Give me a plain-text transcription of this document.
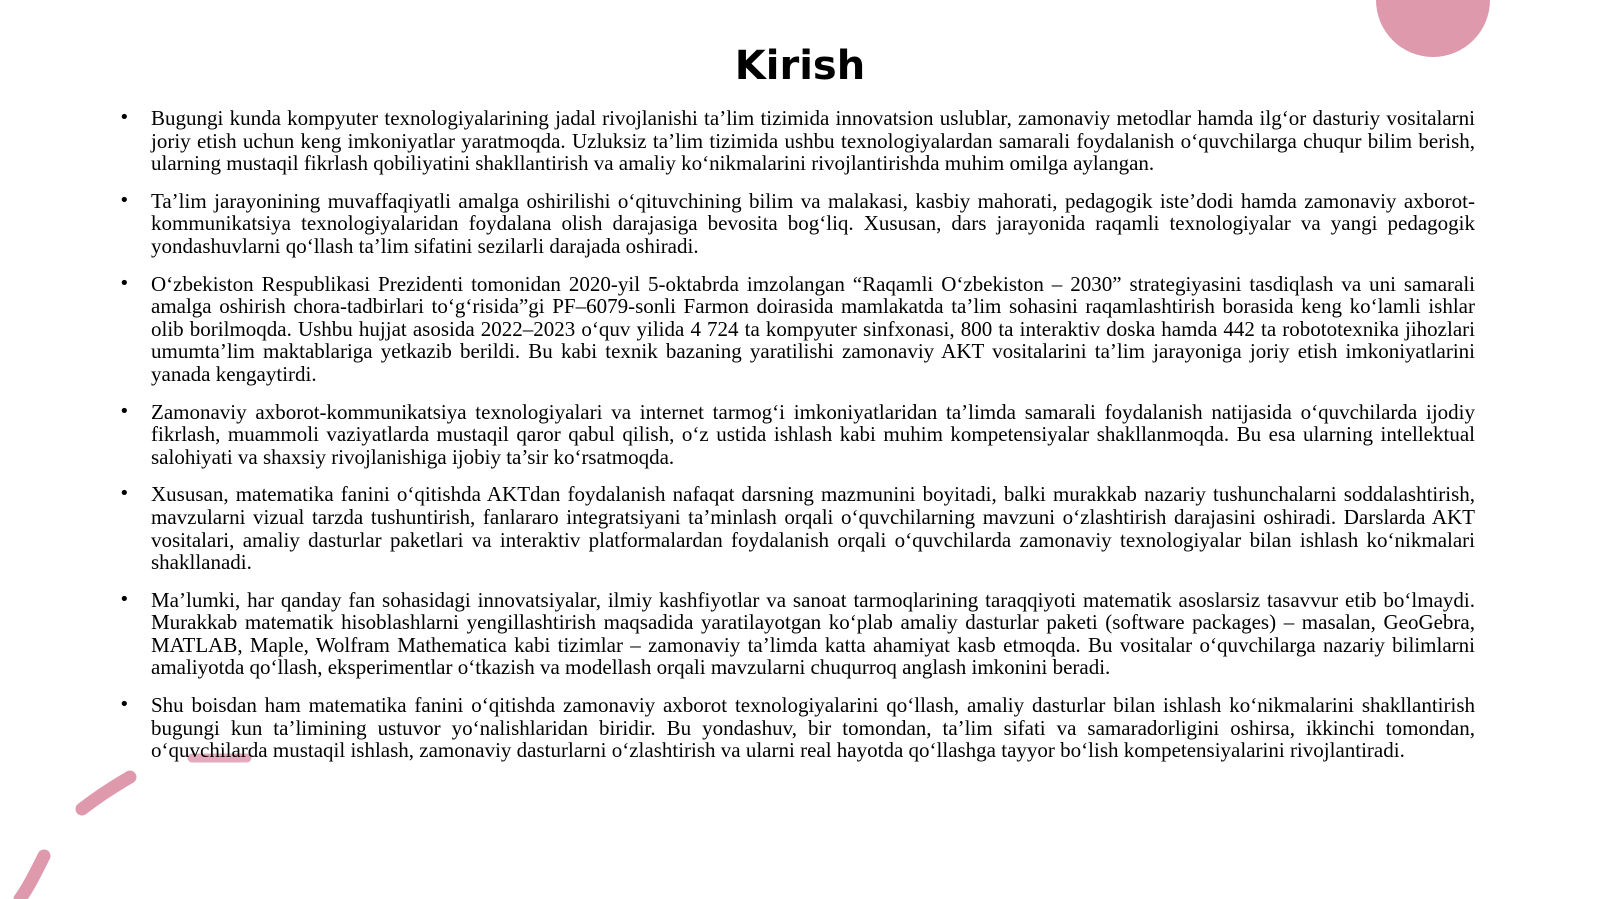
Kirish
• Bugungi kunda kompyuter texnologiyalarining jadal rivojlanishi ta’lim tizimida innovatsion uslublar, zamonaviy metodlar hamda ilg‘or dasturiy vositalarni joriy etish uchun keng imkoniyatlar yaratmoqda. Uzluksiz ta’lim tizimida ushbu texnologiyalardan samarali foydalanish o‘quvchilarga chuqur bilim berish, ularning mustaqil fikrlash qobiliyatini shakllantirish va amaliy ko‘nikmalarini rivojlantirishda muhim omilga aylangan.
• Ta’lim jarayonining muvaffaqiyatli amalga oshirilishi o‘qituvchining bilim va malakasi, kasbiy mahorati, pedagogik iste’dodi hamda zamonaviy axborot-kommunikatsiya texnologiyalaridan foydalana olish darajasiga bevosita bog‘liq. Xususan, dars jarayonida raqamli texnologiyalar va yangi pedagogik yondashuvlarni qo‘llash ta’lim sifatini sezilarli darajada oshiradi.
• O‘zbekiston Respublikasi Prezidenti tomonidan 2020-yil 5-oktabrda imzolangan “Raqamli O‘zbekiston – 2030” strategiyasini tasdiqlash va uni samarali amalga oshirish chora-tadbirlari to‘g‘risida”gi PF–6079-sonli Farmon doirasida mamlakatda ta’lim sohasini raqamlashtirish borasida keng ko‘lamli ishlar olib borilmoqda. Ushbu hujjat asosida 2022–2023 o‘quv yilida 4 724 ta kompyuter sinfxonasi, 800 ta interaktiv doska hamda 442 ta robototexnika jihozlari umumta’lim maktablariga yetkazib berildi. Bu kabi texnik bazaning yaratilishi zamonaviy AKT vositalarini ta’lim jarayoniga joriy etish imkoniyatlarini yanada kengaytirdi.
• Zamonaviy axborot-kommunikatsiya texnologiyalari va internet tarmog‘i imkoniyatlaridan ta’limda samarali foydalanish natijasida o‘quvchilarda ijodiy fikrlash, muammoli vaziyatlarda mustaqil qaror qabul qilish, o‘z ustida ishlash kabi muhim kompetensiyalar shakllanmoqda. Bu esa ularning intellektual salohiyati va shaxsiy rivojlanishiga ijobiy ta’sir ko‘rsatmoqda.
• Xususan, matematika fanini o‘qitishda AKTdan foydalanish nafaqat darsning mazmunini boyitadi, balki murakkab nazariy tushunchalarni soddalashtirish, mavzularni vizual tarzda tushuntirish, fanlararo integratsiyani ta’minlash orqali o‘quvchilarning mavzuni o‘zlashtirish darajasini oshiradi. Darslarda AKT vositalari, amaliy dasturlar paketlari va interaktiv platformalardan foydalanish orqali o‘quvchilarda zamonaviy texnologiyalar bilan ishlash ko‘nikmalari shakllanadi.
• Ma’lumki, har qanday fan sohasidagi innovatsiyalar, ilmiy kashfiyotlar va sanoat tarmoqlarining taraqqiyoti matematik asoslarsiz tasavvur etib bo‘lmaydi. Murakkab matematik hisoblashlarni yengillashtirish maqsadida yaratilayotgan ko‘plab amaliy dasturlar paketi (software packages) – masalan, GeoGebra, MATLAB, Maple, Wolfram Mathematica kabi tizimlar – zamonaviy ta’limda katta ahamiyat kasb etmoqda. Bu vositalar o‘quvchilarga nazariy bilimlarni amaliyotda qo‘llash, eksperimentlar o‘tkazish va modellash orqali mavzularni chuqurroq anglash imkonini beradi.
• Shu boisdan ham matematika fanini o‘qitishda zamonaviy axborot texnologiyalarini qo‘llash, amaliy dasturlar bilan ishlash ko‘nikmalarini shakllantirish bugungi kun ta’limining ustuvor yo‘nalishlaridan biridir. Bu yondashuv, bir tomondan, ta’lim sifati va samaradorligini oshirsa, ikkinchi tomondan, o‘quvchilarda mustaqil ishlash, zamonaviy dasturlarni o‘zlashtirish va ularni real hayotda qo‘llashga tayyor bo‘lish kompetensiyalarini rivojlantiradi.
